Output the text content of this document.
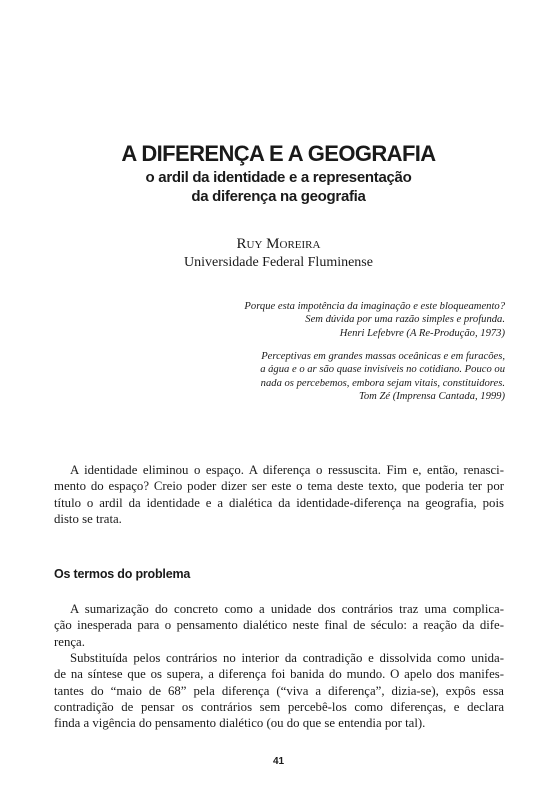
A DIFERENÇA E A GEOGRAFIA
o ardil da identidade e a representação
da diferença na geografia
Ruy Moreira
Universidade Federal Fluminense
Porque esta impotência da imaginação e este bloqueamento?
Sem dúvida por uma razão simples e profunda.
Henri Lefebvre (A Re-Produção, 1973)
Perceptivas em grandes massas oceânicas e em furacões,
a água e o ar são quase invisíveis no cotidiano. Pouco ou
nada os percebemos, embora sejam vitais, constituidores.
Tom Zé (Imprensa Cantada, 1999)
A identidade eliminou o espaço. A diferença o ressuscita. Fim e, então, renasci-
mento do espaço? Creio poder dizer ser este o tema deste texto, que poderia ter por
título o ardil da identidade e a dialética da identidade-diferença na geografia, pois
disto se trata.
Os termos do problema
A sumarização do concreto como a unidade dos contrários traz uma complica-
ção inesperada para o pensamento dialético neste final de século: a reação da dife-
rença.
Substituída pelos contrários no interior da contradição e dissolvida como unida-
de na síntese que os supera, a diferença foi banida do mundo. O apelo dos manifes-
tantes do “maio de 68” pela diferença (“viva a diferença”, dizia-se), expôs essa
contradição de pensar os contrários sem percebê-los como diferenças, e declara
finda a vigência do pensamento dialético (ou do que se entendia por tal).
41
